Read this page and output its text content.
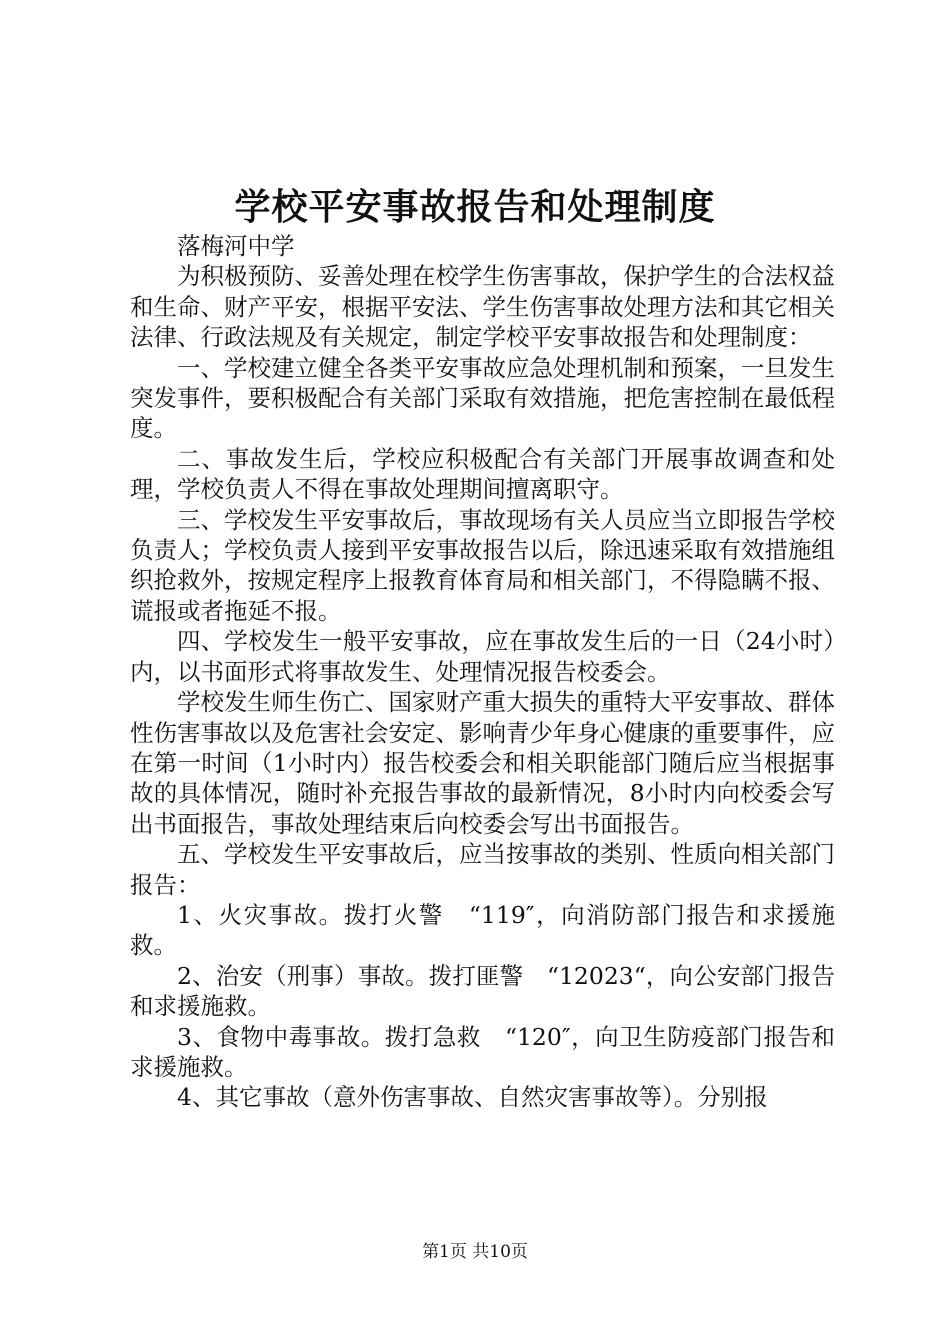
学校平安事故报告和处理制度

落梅河中学

为积极预防、妥善处理在校学生伤害事故，保护学生的合法权益和生命、财产平安，根据平安法、学生伤害事故处理方法和其它相关法律、行政法规及有关规定，制定学校平安事故报告和处理制度：

一、学校建立健全各类平安事故应急处理机制和预案，一旦发生突发事件，要积极配合有关部门采取有效措施，把危害控制在最低程度。

二、事故发生后，学校应积极配合有关部门开展事故调查和处理，学校负责人不得在事故处理期间擅离职守。

三、学校发生平安事故后，事故现场有关人员应当立即报告学校负责人；学校负责人接到平安事故报告以后，除迅速采取有效措施组织抢救外，按规定程序上报教育体育局和相关部门，不得隐瞒不报、谎报或者拖延不报。

四、学校发生一般平安事故，应在事故发生后的一日（24小时）内，以书面形式将事故发生、处理情况报告校委会。

学校发生师生伤亡、国家财产重大损失的重特大平安事故、群体性伤害事故以及危害社会安定、影响青少年身心健康的重要事件，应在第一时间（1小时内）报告校委会和相关职能部门随后应当根据事故的具体情况，随时补充报告事故的最新情况，8小时内向校委会写出书面报告，事故处理结束后向校委会写出书面报告。

五、学校发生平安事故后，应当按事故的类别、性质向相关部门报告：

1、火灾事故。拨打火警　“119″，向消防部门报告和求援施救。

2、治安（刑事）事故。拨打匪警　“12023“，向公安部门报告和求援施救。

3、食物中毒事故。拨打急救　“120″，向卫生防疫部门报告和求援施救。

4、其它事故（意外伤害事故、自然灾害事故等）。分别报

第1页 共10页
